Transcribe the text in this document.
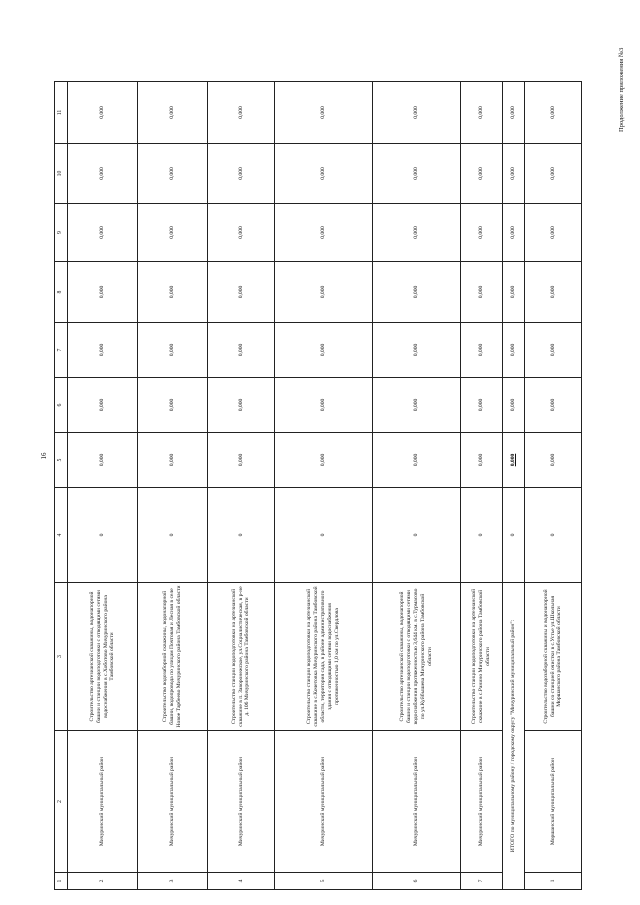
16
Продолжение приложения №3
1	2	3	4	5	6	7	8	9	10	11
2	Мичуринский муниципальный район	Строительство артезианской скважины, водонапорной башни и станции водоподготовки с отводящими сетями водоснабжения в с.Хоботово Мичуринского района Тамбовской области	0	0,000	0,000	0,000	0,000	0,000	0,000	0,000
3	Мичуринский муниципальный район	Строительство водозаборной скважины, водонапорной башни, водопровода по улицам Почтовая и Лесная в селе Новое Тарбеево Мичуринского района Тамбовской области	0	0,000	0,000	0,000	0,000	0,000	0,000	0,000
4	Мичуринский муниципальный район	Строительство станции водоподготовки на артезианской скважине в п. Заворонежское, ул.Социалистическая, в р-не д. 106 Мичуринского района Тамбовской области	0	0,000	0,000	0,000	0,000	0,000	0,000	0,000
5	Мичуринский муниципальный район	Строительство станции водоподготовки на артезианской скважине в с.Кочетовка Мичуринского района Тамбовской области, территория сада, в районе административного здания с отводящими сетями водоснабжения протяженностью 1,0 км по ул.Свердлова	0	0,000	0,000	0,000	0,000	0,000	0,000	0,000
6	Мичуринский муниципальный район	Строительство артезианской скважины, водонапорной башни и станции водоподготовки с отводящими сетями водоснабжения протяженностью 3,644 км. в с.Турмасово по ул.Куйбышева Мичуринского района Тамбовской области	0	0,000	0,000	0,000	0,000	0,000	0,000	0,000
7	Мичуринский муниципальный район	Строительство станции водоподготовки на артезианской скважине в с.Ранино Мичуринского района Тамбовской области	0	0,000	0,000	0,000	0,000	0,000	0,000	0,000
ИТОГО по муниципальному району / городскому округу "Мичуринский муниципальный район":			0	0,000	0,000	0,000	0,000	0,000	0,000	0,000
1	Моршанский муниципальный район	Строительство водозаборной скважины и водонапорной башни со станцией очистки в с.Устье ул.Школьная Моршанского района Тамбовской области	0	0,000	0,000	0,000	0,000	0,000	0,000	0,000
